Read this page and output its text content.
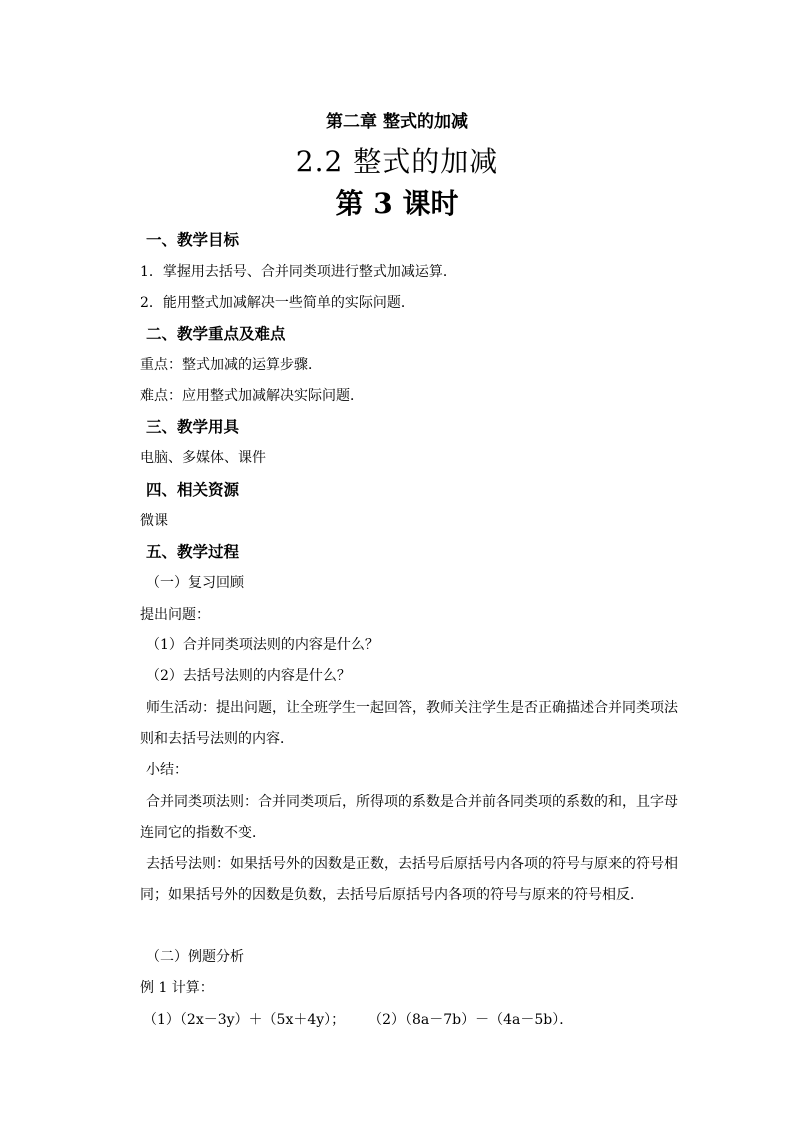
第二章 整式的加减
2.2 整式的加减
第 3 课时
一、教学目标
1．掌握用去括号、合并同类项进行整式加减运算．
2．能用整式加减解决一些简单的实际问题．
二、教学重点及难点
重点：整式加减的运算步骤．
难点：应用整式加减解决实际问题．
三、教学用具
电脑、多媒体、课件
四、相关资源
微课
五、教学过程
（一）复习回顾
提出问题：
（1）合并同类项法则的内容是什么？
（2）去括号法则的内容是什么？
师生活动：提出问题，让全班学生一起回答，教师关注学生是否正确描述合并同类项法
则和去括号法则的内容．
小结：
合并同类项法则：合并同类项后，所得项的系数是合并前各同类项的系数的和，且字母
连同它的指数不变．
去括号法则：如果括号外的因数是正数，去括号后原括号内各项的符号与原来的符号相
同；如果括号外的因数是负数，去括号后原括号内各项的符号与原来的符号相反．
（二）例题分析
例 1 计算：
（1）（2x－3y）＋（5x＋4y）； （2）（8a－7b）－（4a－5b）．
